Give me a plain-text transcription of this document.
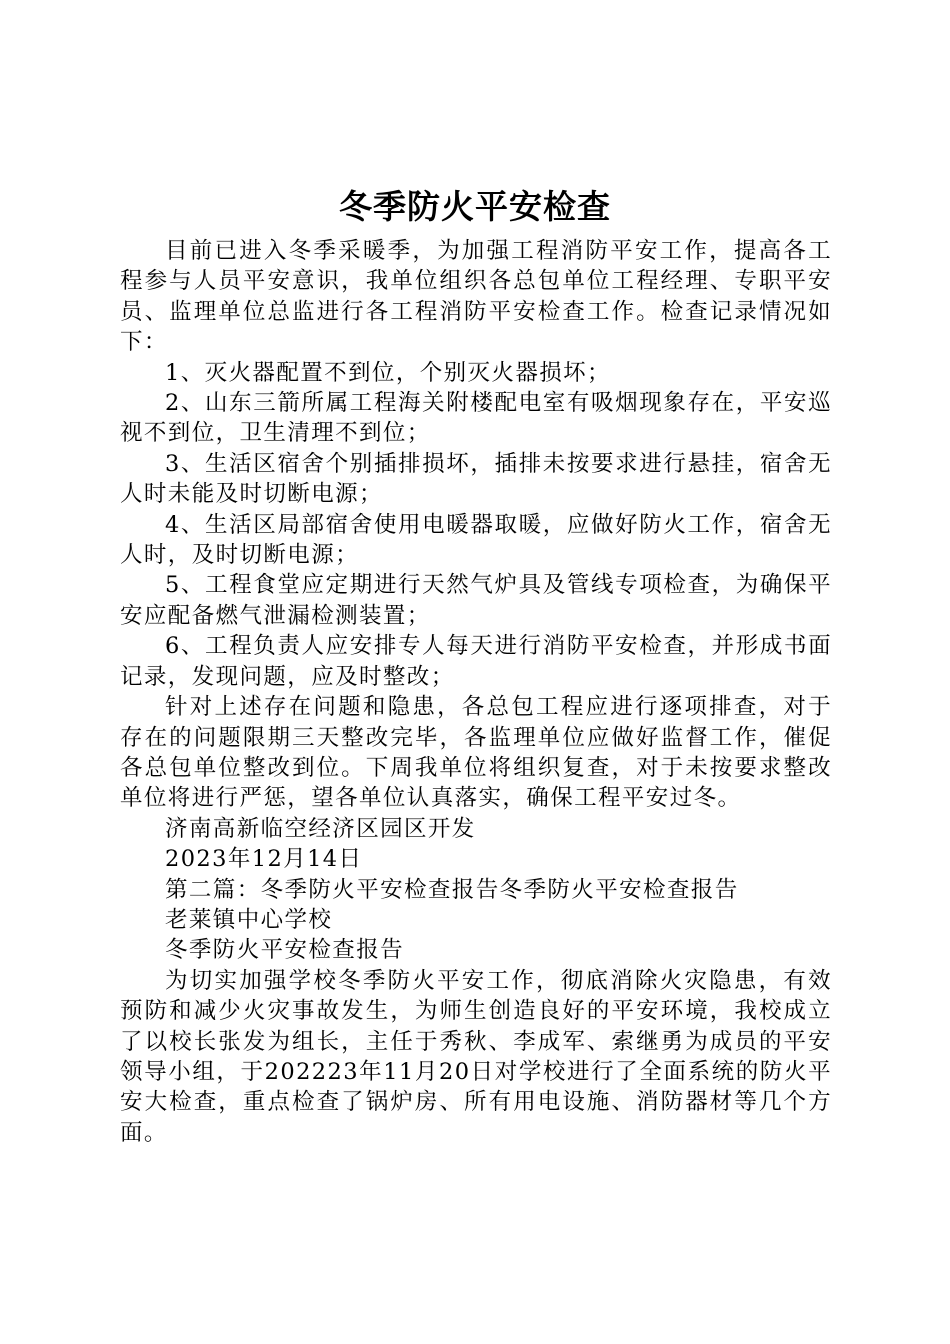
冬季防火平安检查

目前已进入冬季采暖季，为加强工程消防平安工作，提高各工程参与人员平安意识，我单位组织各总包单位工程经理、专职平安员、监理单位总监进行各工程消防平安检查工作。检查记录情况如下：

1、灭火器配置不到位，个别灭火器损坏；

2、山东三箭所属工程海关附楼配电室有吸烟现象存在，平安巡视不到位，卫生清理不到位；

3、生活区宿舍个别插排损坏，插排未按要求进行悬挂，宿舍无人时未能及时切断电源；

4、生活区局部宿舍使用电暖器取暖，应做好防火工作，宿舍无人时，及时切断电源；

5、工程食堂应定期进行天然气炉具及管线专项检查，为确保平安应配备燃气泄漏检测装置；

6、工程负责人应安排专人每天进行消防平安检查，并形成书面记录，发现问题，应及时整改；

针对上述存在问题和隐患，各总包工程应进行逐项排查，对于存在的问题限期三天整改完毕，各监理单位应做好监督工作，催促各总包单位整改到位。下周我单位将组织复查，对于未按要求整改单位将进行严惩，望各单位认真落实，确保工程平安过冬。

济南高新临空经济区园区开发

2023年12月14日

第二篇：冬季防火平安检查报告冬季防火平安检查报告

老莱镇中心学校

冬季防火平安检查报告

为切实加强学校冬季防火平安工作，彻底消除火灾隐患，有效预防和减少火灾事故发生，为师生创造良好的平安环境，我校成立了以校长张发为组长，主任于秀秋、李成军、索继勇为成员的平安领导小组，于202223年11月20日对学校进行了全面系统的防火平安大检查，重点检查了锅炉房、所有用电设施、消防器材等几个方面。
